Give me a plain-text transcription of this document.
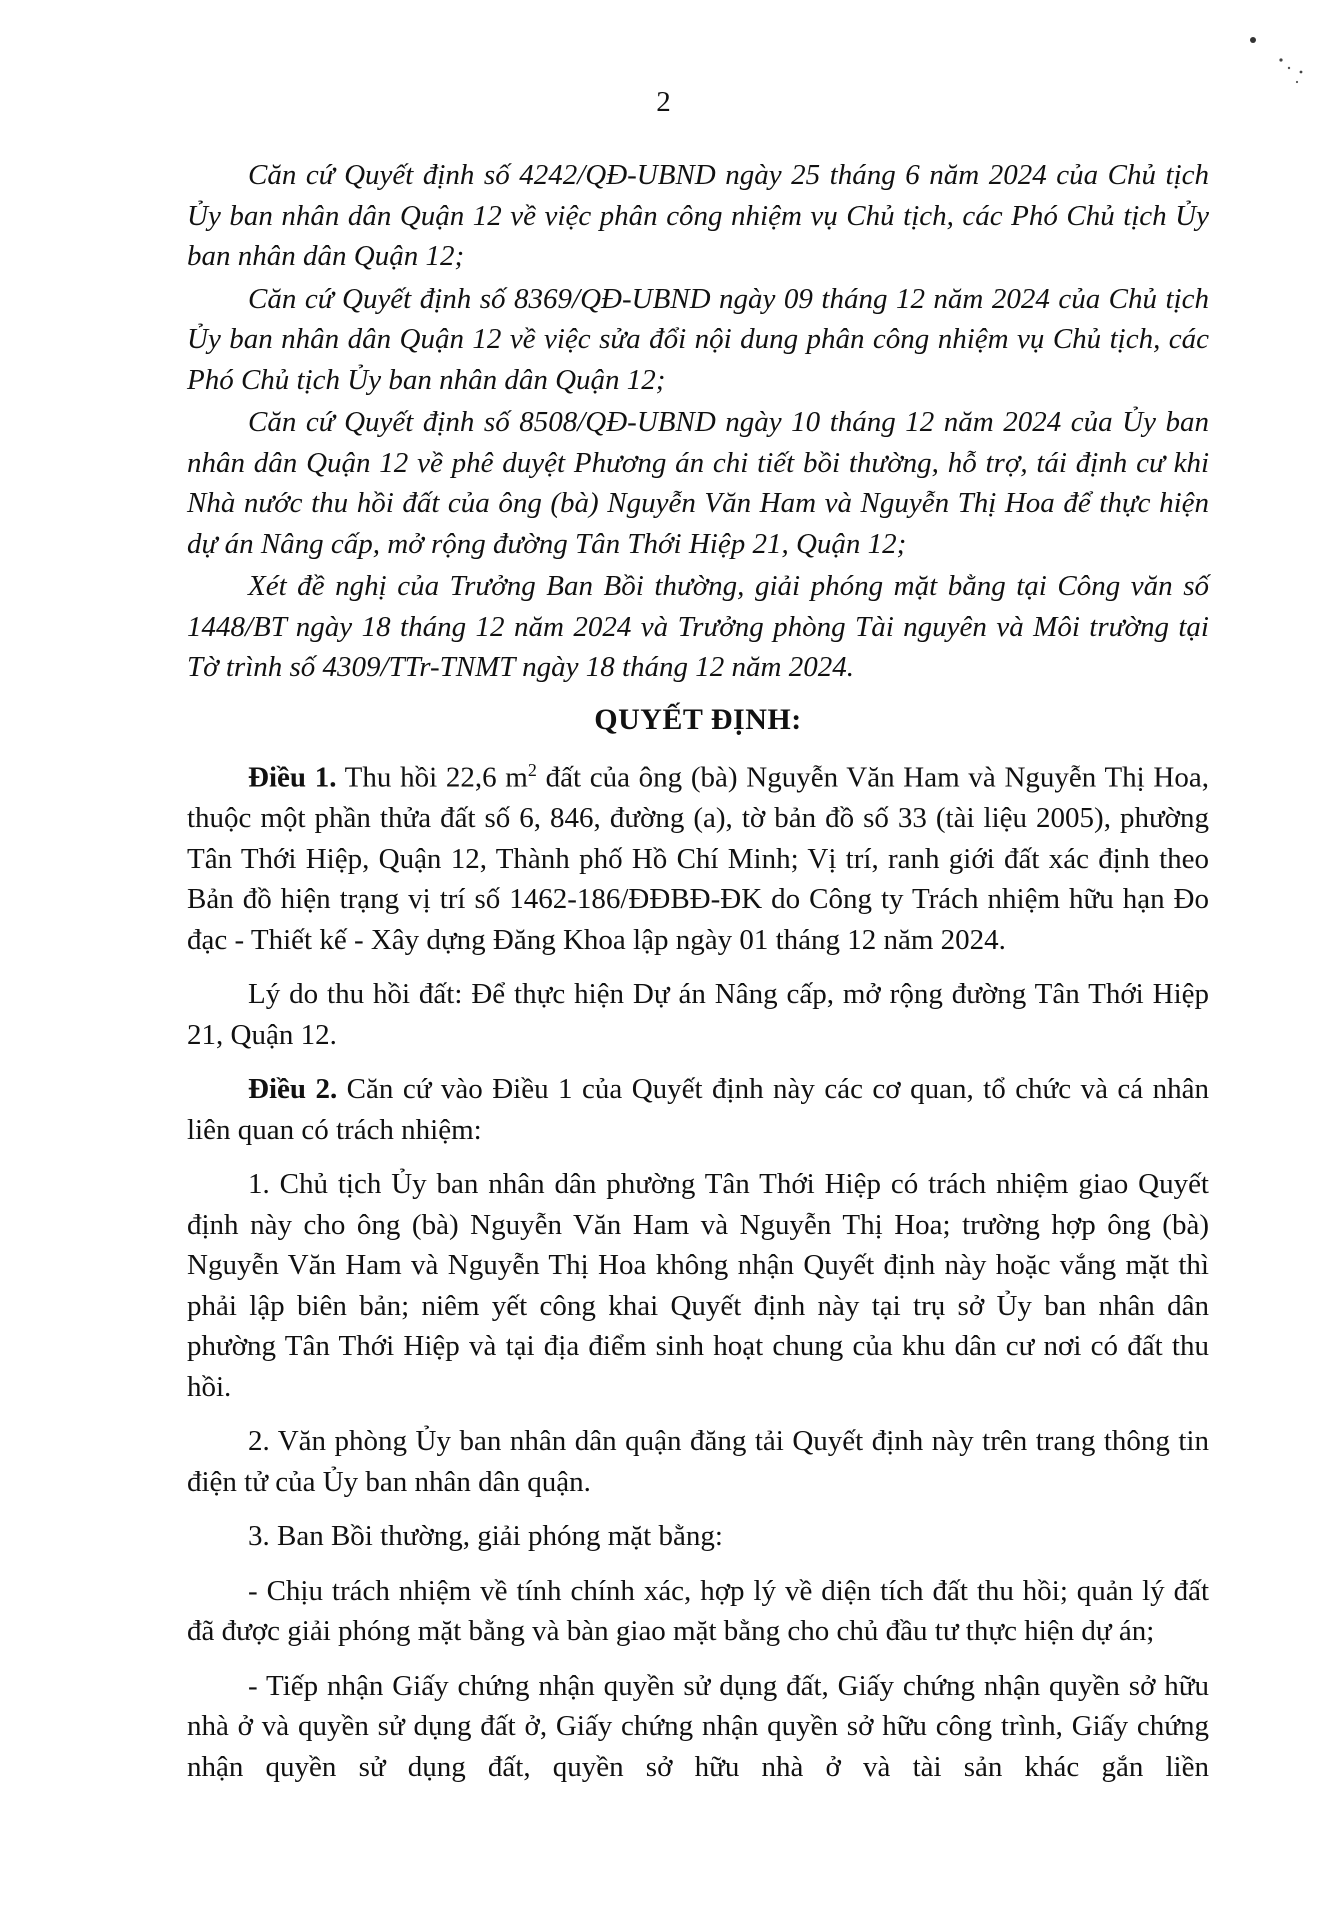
2

Căn cứ Quyết định số 4242/QĐ-UBND ngày 25 tháng 6 năm 2024 của Chủ tịch Ủy ban nhân dân Quận 12 về việc phân công nhiệm vụ Chủ tịch, các Phó Chủ tịch Ủy ban nhân dân Quận 12;

Căn cứ Quyết định số 8369/QĐ-UBND ngày 09 tháng 12 năm 2024 của Chủ tịch Ủy ban nhân dân Quận 12 về việc sửa đổi nội dung phân công nhiệm vụ Chủ tịch, các Phó Chủ tịch Ủy ban nhân dân Quận 12;

Căn cứ Quyết định số 8508/QĐ-UBND ngày 10 tháng 12 năm 2024 của Ủy ban nhân dân Quận 12 về phê duyệt Phương án chi tiết bồi thường, hỗ trợ, tái định cư khi Nhà nước thu hồi đất của ông (bà) Nguyễn Văn Ham và Nguyễn Thị Hoa để thực hiện dự án Nâng cấp, mở rộng đường Tân Thới Hiệp 21, Quận 12;

Xét đề nghị của Trưởng Ban Bồi thường, giải phóng mặt bằng tại Công văn số 1448/BT ngày 18 tháng 12 năm 2024 và Trưởng phòng Tài nguyên và Môi trường tại Tờ trình số 4309/TTr-TNMT ngày 18 tháng 12 năm 2024.

QUYẾT ĐỊNH:

Điều 1. Thu hồi 22,6 $m^2$ đất của ông (bà) Nguyễn Văn Ham và Nguyễn Thị Hoa, thuộc một phần thửa đất số 6, 846, đường (a), tờ bản đồ số 33 (tài liệu 2005), phường Tân Thới Hiệp, Quận 12, Thành phố Hồ Chí Minh; Vị trí, ranh giới đất xác định theo Bản đồ hiện trạng vị trí số 1462-186/ĐĐBĐ-ĐK do Công ty Trách nhiệm hữu hạn Đo đạc - Thiết kế - Xây dựng Đăng Khoa lập ngày 01 tháng 12 năm 2024.

Lý do thu hồi đất: Để thực hiện Dự án Nâng cấp, mở rộng đường Tân Thới Hiệp 21, Quận 12.

Điều 2. Căn cứ vào Điều 1 của Quyết định này các cơ quan, tổ chức và cá nhân liên quan có trách nhiệm:

1. Chủ tịch Ủy ban nhân dân phường Tân Thới Hiệp có trách nhiệm giao Quyết định này cho ông (bà) Nguyễn Văn Ham và Nguyễn Thị Hoa; trường hợp ông (bà) Nguyễn Văn Ham và Nguyễn Thị Hoa không nhận Quyết định này hoặc vắng mặt thì phải lập biên bản; niêm yết công khai Quyết định này tại trụ sở Ủy ban nhân dân phường Tân Thới Hiệp và tại địa điểm sinh hoạt chung của khu dân cư nơi có đất thu hồi.

2. Văn phòng Ủy ban nhân dân quận đăng tải Quyết định này trên trang thông tin điện tử của Ủy ban nhân dân quận.

3. Ban Bồi thường, giải phóng mặt bằng:

- Chịu trách nhiệm về tính chính xác, hợp lý về diện tích đất thu hồi; quản lý đất đã được giải phóng mặt bằng và bàn giao mặt bằng cho chủ đầu tư thực hiện dự án;

- Tiếp nhận Giấy chứng nhận quyền sử dụng đất, Giấy chứng nhận quyền sở hữu nhà ở và quyền sử dụng đất ở, Giấy chứng nhận quyền sở hữu công trình, Giấy chứng nhận quyền sử dụng đất, quyền sở hữu nhà ở và tài sản khác gắn liền
